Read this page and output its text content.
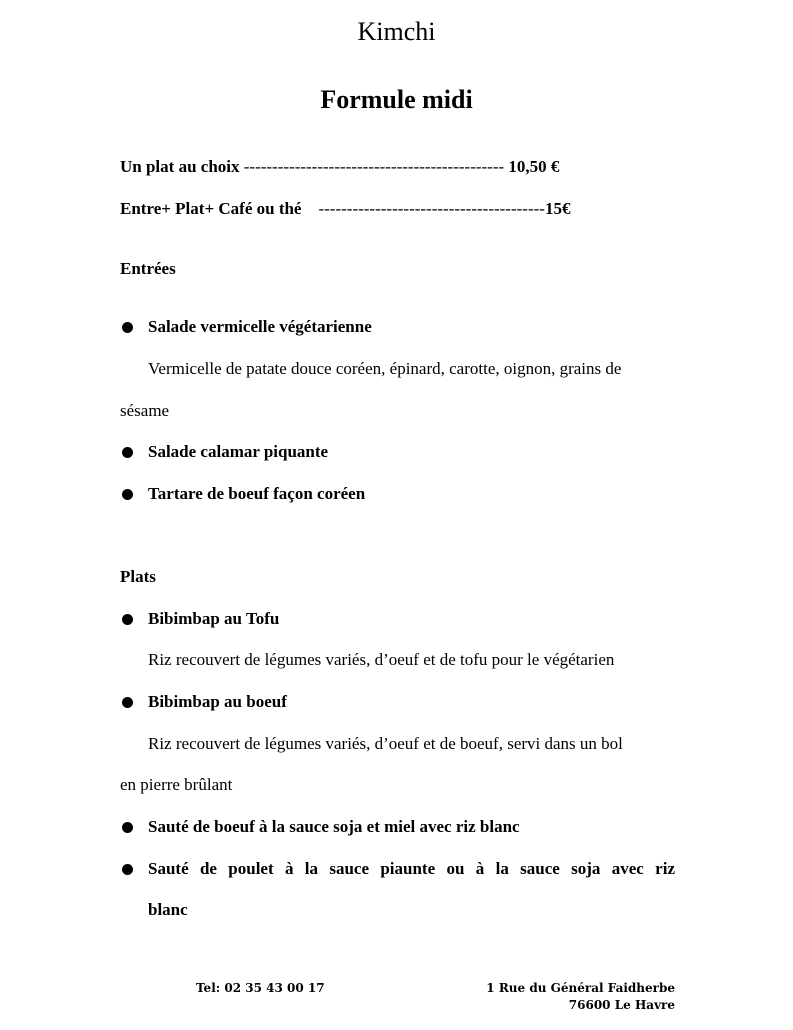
Kimchi
Formule midi
Un plat au choix ---------------------------------------------- 10,50 €
Entre+ Plat+ Café ou thé ----------------------------------------15€
Entrées
Salade vermicelle végétarienne
Vermicelle de patate douce coréen, épinard, carotte, oignon, grains de
sésame
Salade calamar piquante
Tartare de boeuf façon coréen
Plats
Bibimbap au Tofu
Riz recouvert de légumes variés, d’oeuf et de tofu pour le végétarien
Bibimbap au boeuf
Riz recouvert de légumes variés, d’oeuf et de boeuf, servi dans un bol
en pierre brûlant
Sauté de boeuf à la sauce soja et miel avec riz blanc
Sauté de poulet à la sauce piaunte ou à la sauce soja avec riz
blanc
Tel: 02 35 43 00 17	1 Rue du Général Faidherbe
76600 Le Havre
